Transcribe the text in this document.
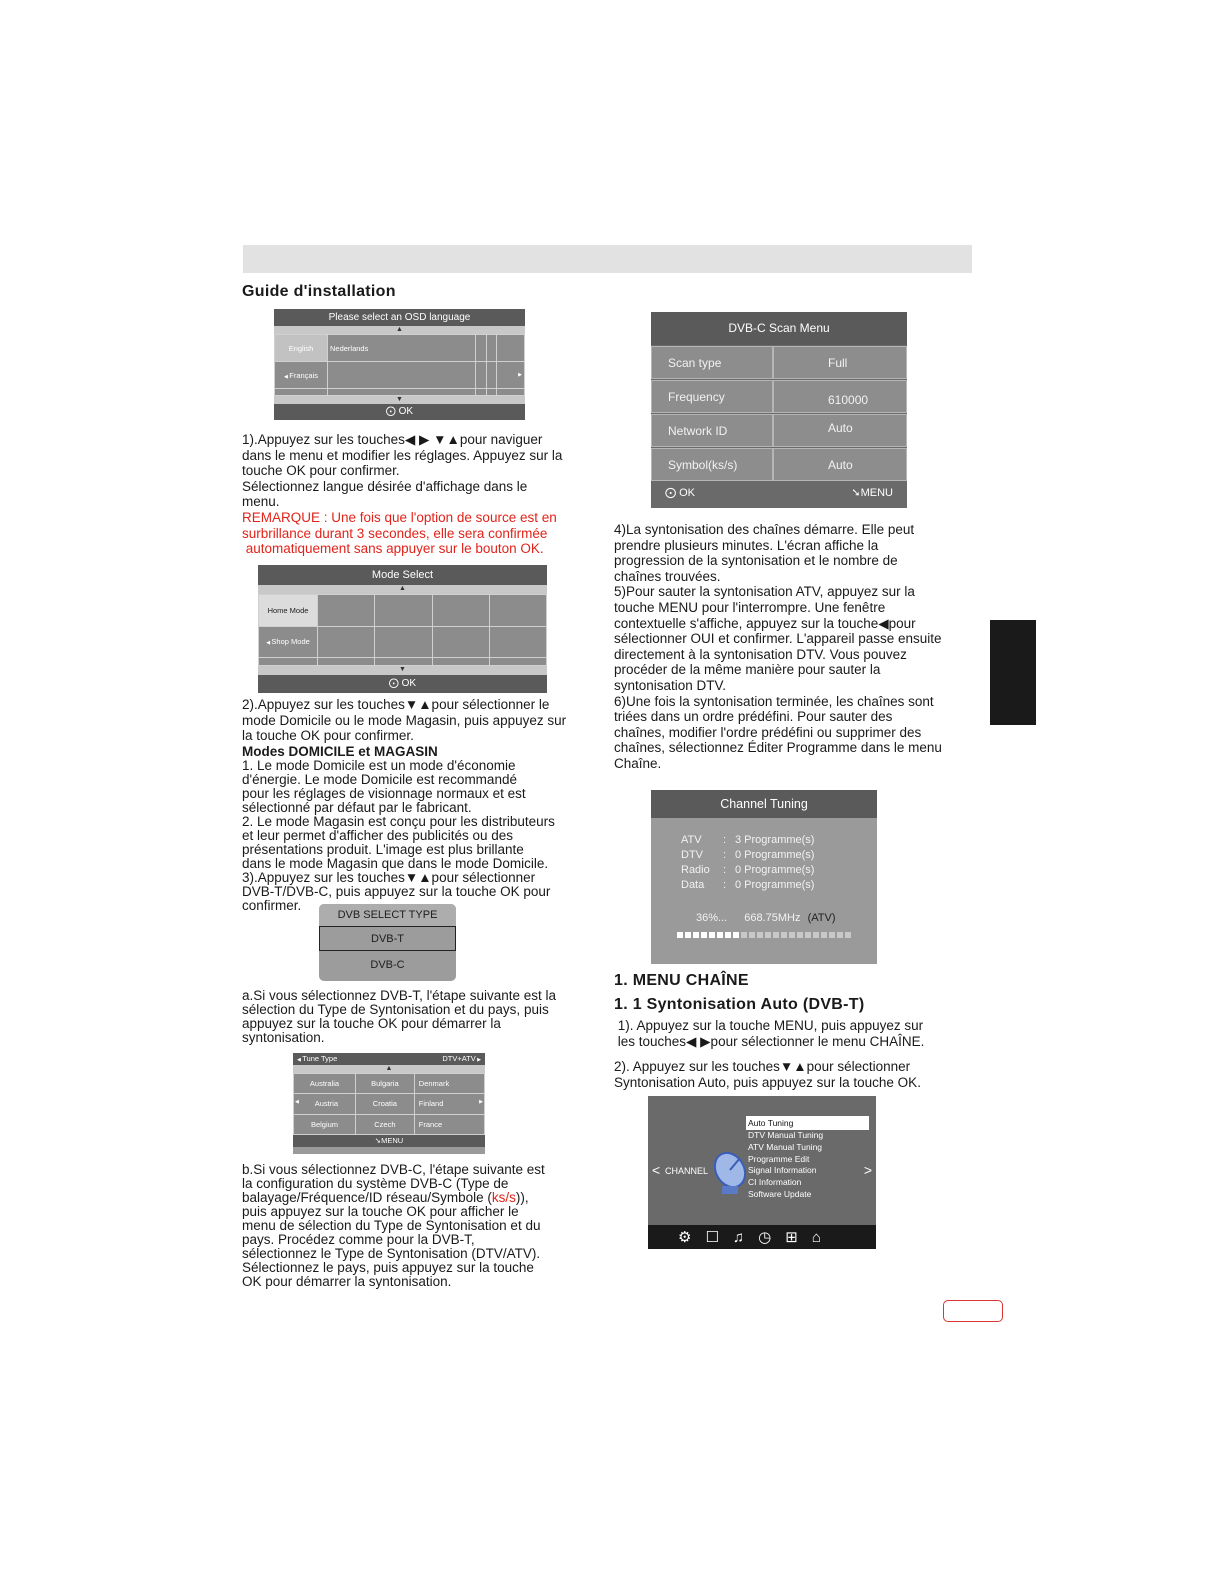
Guide d'installation
Please select an OSD language
▲
English	Nederlands			
◀ Français				▶

▼
⨀ OK

1).Appuyez sur les touches◀ ▶ ▼▲pour naviguer

dans le menu et modifier les réglages. Appuyez sur la

touche OK pour confirmer.

Sélectionnez langue désirée d'affichage dans le

menu.

REMARQUE : Une fois que l'option de source est en

surbrillance durant 3 secondes, elle sera confirmée

automatiquement sans appuyer sur le bouton OK.

Mode Select
▲
Home Mode				
◀ Shop Mode				

▼
⨀ OK

2).Appuyez sur les touches▼▲pour sélectionner le

mode Domicile ou le mode Magasin, puis appuyez sur

la touche OK pour confirmer.

Modes DOMICILE et MAGASIN

1. Le mode Domicile est un mode d'économie

d'énergie. Le mode Domicile est recommandé

pour les réglages de visionnage normaux et est

sélectionné par défaut par le fabricant.

2. Le mode Magasin est conçu pour les distributeurs

et leur permet d'afficher des publicités ou des

présentations produit. L'image est plus brillante

dans le mode Magasin que dans le mode Domicile.

3).Appuyez sur les touches▼▲pour sélectionner

DVB-T/DVB-C, puis appuyez sur la touche OK pour

confirmer.

DVB SELECT TYPE
DVB-T
DVB-C

a.Si vous sélectionnez DVB-T, l'étape suivante est la

sélection du Type de Syntonisation et du pays, puis

appuyez sur la touche OK pour démarrer la

syntonisation.

◀ Tune Type	DTV+ATV ▶
▲
Australia	Bulgaria	Denmark

◀ Austria	Croatia	Finland ▶

Belgium	Czech	France
➘MENU

b.Si vous sélectionnez DVB-C, l'étape suivante est

la configuration du système DVB-C (Type de

balayage/Fréquence/ID réseau/Symbole (ks/s)),

puis appuyez sur la touche OK pour afficher le

menu de sélection du Type de Syntonisation et du

pays. Procédez comme pour la DVB-T,

sélectionnez le Type de Syntonisation (DTV/ATV).

Sélectionnez le pays, puis appuyez sur la touche

OK pour démarrer la syntonisation.

DVB-C Scan Menu
Scan type	Full
Frequency	610000
Network ID	Auto
Symbol(ks/s)	Auto
⨀ OK	➘MENU

4)La syntonisation des chaînes démarre. Elle peut

prendre plusieurs minutes. L'écran affiche la

progression de la syntonisation et le nombre de

chaînes trouvées.

5)Pour sauter la syntonisation ATV, appuyez sur la

touche MENU pour l'interrompre. Une fenêtre

contextuelle s'affiche, appuyez sur la touche◀pour

sélectionner OUI et confirmer. L'appareil passe ensuite

directement à la syntonisation DTV. Vous pouvez

procéder de la même manière pour sauter la

syntonisation DTV.

6)Une fois la syntonisation terminée, les chaînes sont

triées dans un ordre prédéfini. Pour sauter des

chaînes, modifier l'ordre prédéfini ou supprimer des

chaînes, sélectionnez Éditer Programme dans le menu

Chaîne.

Channel Tuning
ATV : 3 Programme(s)
DTV : 0 Programme(s)
Radio : 0 Programme(s)
Data : 0 Programme(s)
36%... 668.75MHz (ATV)
1. MENU CHAÎNE
1. 1 Syntonisation Auto (DVB-T)

1). Appuyez sur la touche MENU, puis appuyez sur

les touches◀ ▶pour sélectionner le menu CHAÎNE.

2). Appuyez sur les touches▼▲pour sélectionner

Syntonisation Auto, puis appuyez sur la touche OK.

< CHANNEL	>
Auto Tuning
DTV Manual Tuning
ATV Manual Tuning
Programme Edit
Signal Information
CI Information
Software Update
⚙ ☐ ♫ ◷ ⊞ ⌂
